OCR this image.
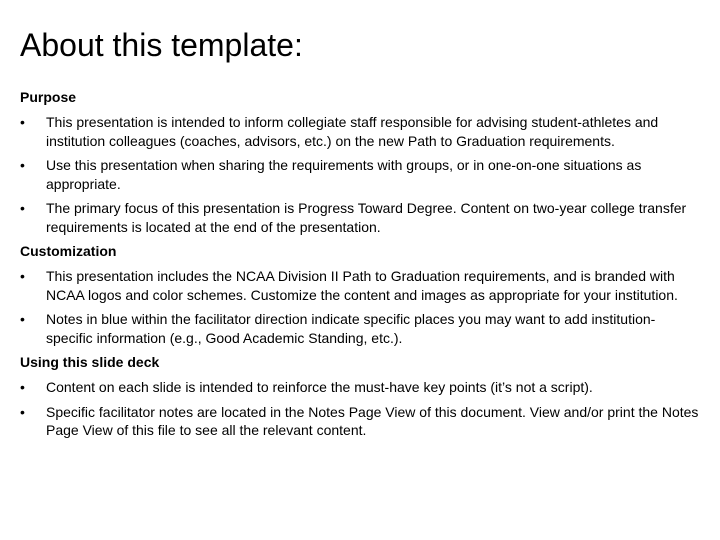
About this template:
Purpose
• This presentation is intended to inform collegiate staff responsible for advising student-athletes and institution colleagues (coaches, advisors, etc.) on the new Path to Graduation requirements.
• Use this presentation when sharing the requirements with groups, or in one-on-one situations as appropriate.
• The primary focus of this presentation is Progress Toward Degree. Content on two-year college transfer requirements is located at the end of the presentation.
Customization
• This presentation includes the NCAA Division II Path to Graduation requirements, and is branded with NCAA logos and color schemes. Customize the content and images as appropriate for your institution.
• Notes in blue within the facilitator direction indicate specific places you may want to add institution-specific information (e.g., Good Academic Standing, etc.).
Using this slide deck
• Content on each slide is intended to reinforce the must-have key points (it’s not a script).
• Specific facilitator notes are located in the Notes Page View of this document. View and/or print the Notes Page View of this file to see all the relevant content.
